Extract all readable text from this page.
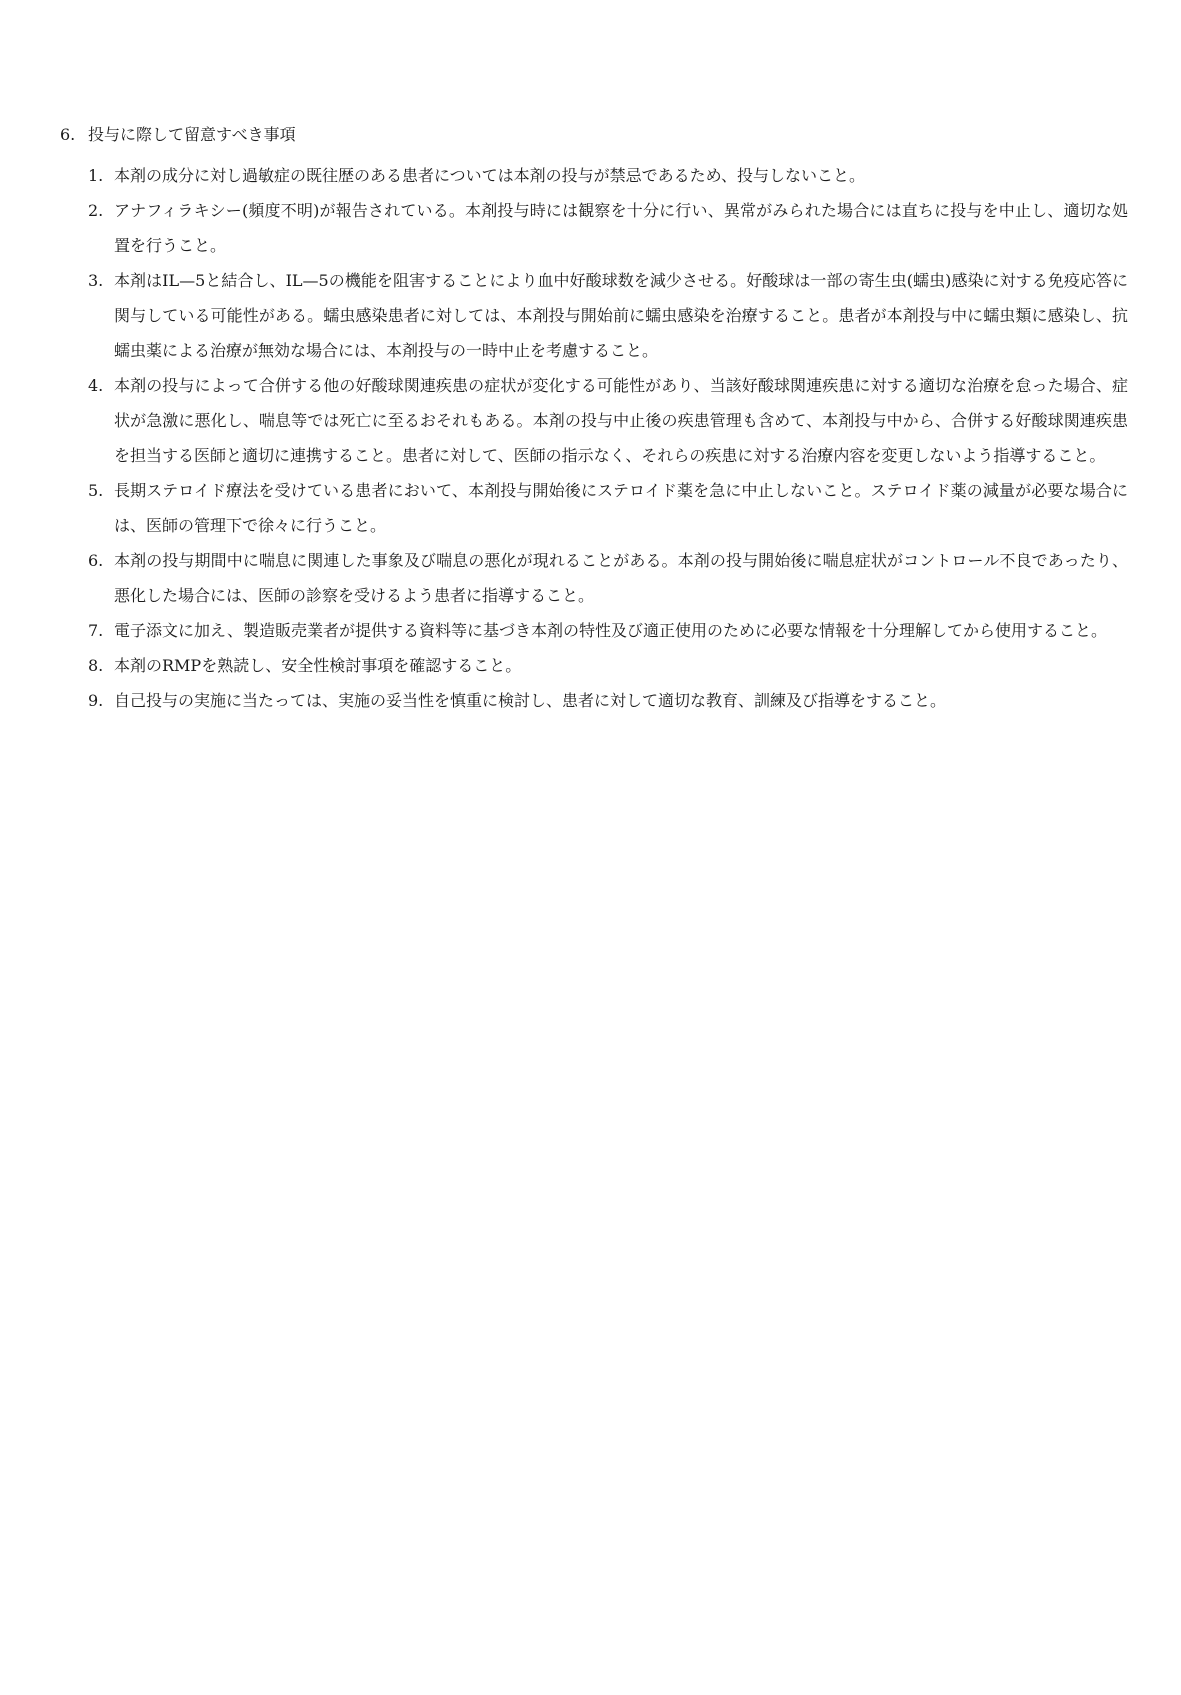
6. 投与に際して留意すべき事項
1. 本剤の成分に対し過敏症の既往歴のある患者については本剤の投与が禁忌であるため、投与しないこと。
2. アナフィラキシー(頻度不明)が報告されている。本剤投与時には観察を十分に行い、異常がみられた場合には直ちに投与を中止し、適切な処置を行うこと。
3. 本剤はIL—5と結合し、IL—5の機能を阻害することにより血中好酸球数を減少させる。好酸球は一部の寄生虫(蠕虫)感染に対する免疫応答に関与している可能性がある。蠕虫感染患者に対しては、本剤投与開始前に蠕虫感染を治療すること。患者が本剤投与中に蠕虫類に感染し、抗蠕虫薬による治療が無効な場合には、本剤投与の一時中止を考慮すること。
4. 本剤の投与によって合併する他の好酸球関連疾患の症状が変化する可能性があり、当該好酸球関連疾患に対する適切な治療を怠った場合、症状が急激に悪化し、喘息等では死亡に至るおそれもある。本剤の投与中止後の疾患管理も含めて、本剤投与中から、合併する好酸球関連疾患を担当する医師と適切に連携すること。患者に対して、医師の指示なく、それらの疾患に対する治療内容を変更しないよう指導すること。
5. 長期ステロイド療法を受けている患者において、本剤投与開始後にステロイド薬を急に中止しないこと。ステロイド薬の減量が必要な場合には、医師の管理下で徐々に行うこと。
6. 本剤の投与期間中に喘息に関連した事象及び喘息の悪化が現れることがある。本剤の投与開始後に喘息症状がコントロール不良であったり、悪化した場合には、医師の診察を受けるよう患者に指導すること。
7. 電子添文に加え、製造販売業者が提供する資料等に基づき本剤の特性及び適正使用のために必要な情報を十分理解してから使用すること。
8. 本剤のRMPを熟読し、安全性検討事項を確認すること。
9. 自己投与の実施に当たっては、実施の妥当性を慎重に検討し、患者に対して適切な教育、訓練及び指導をすること。
